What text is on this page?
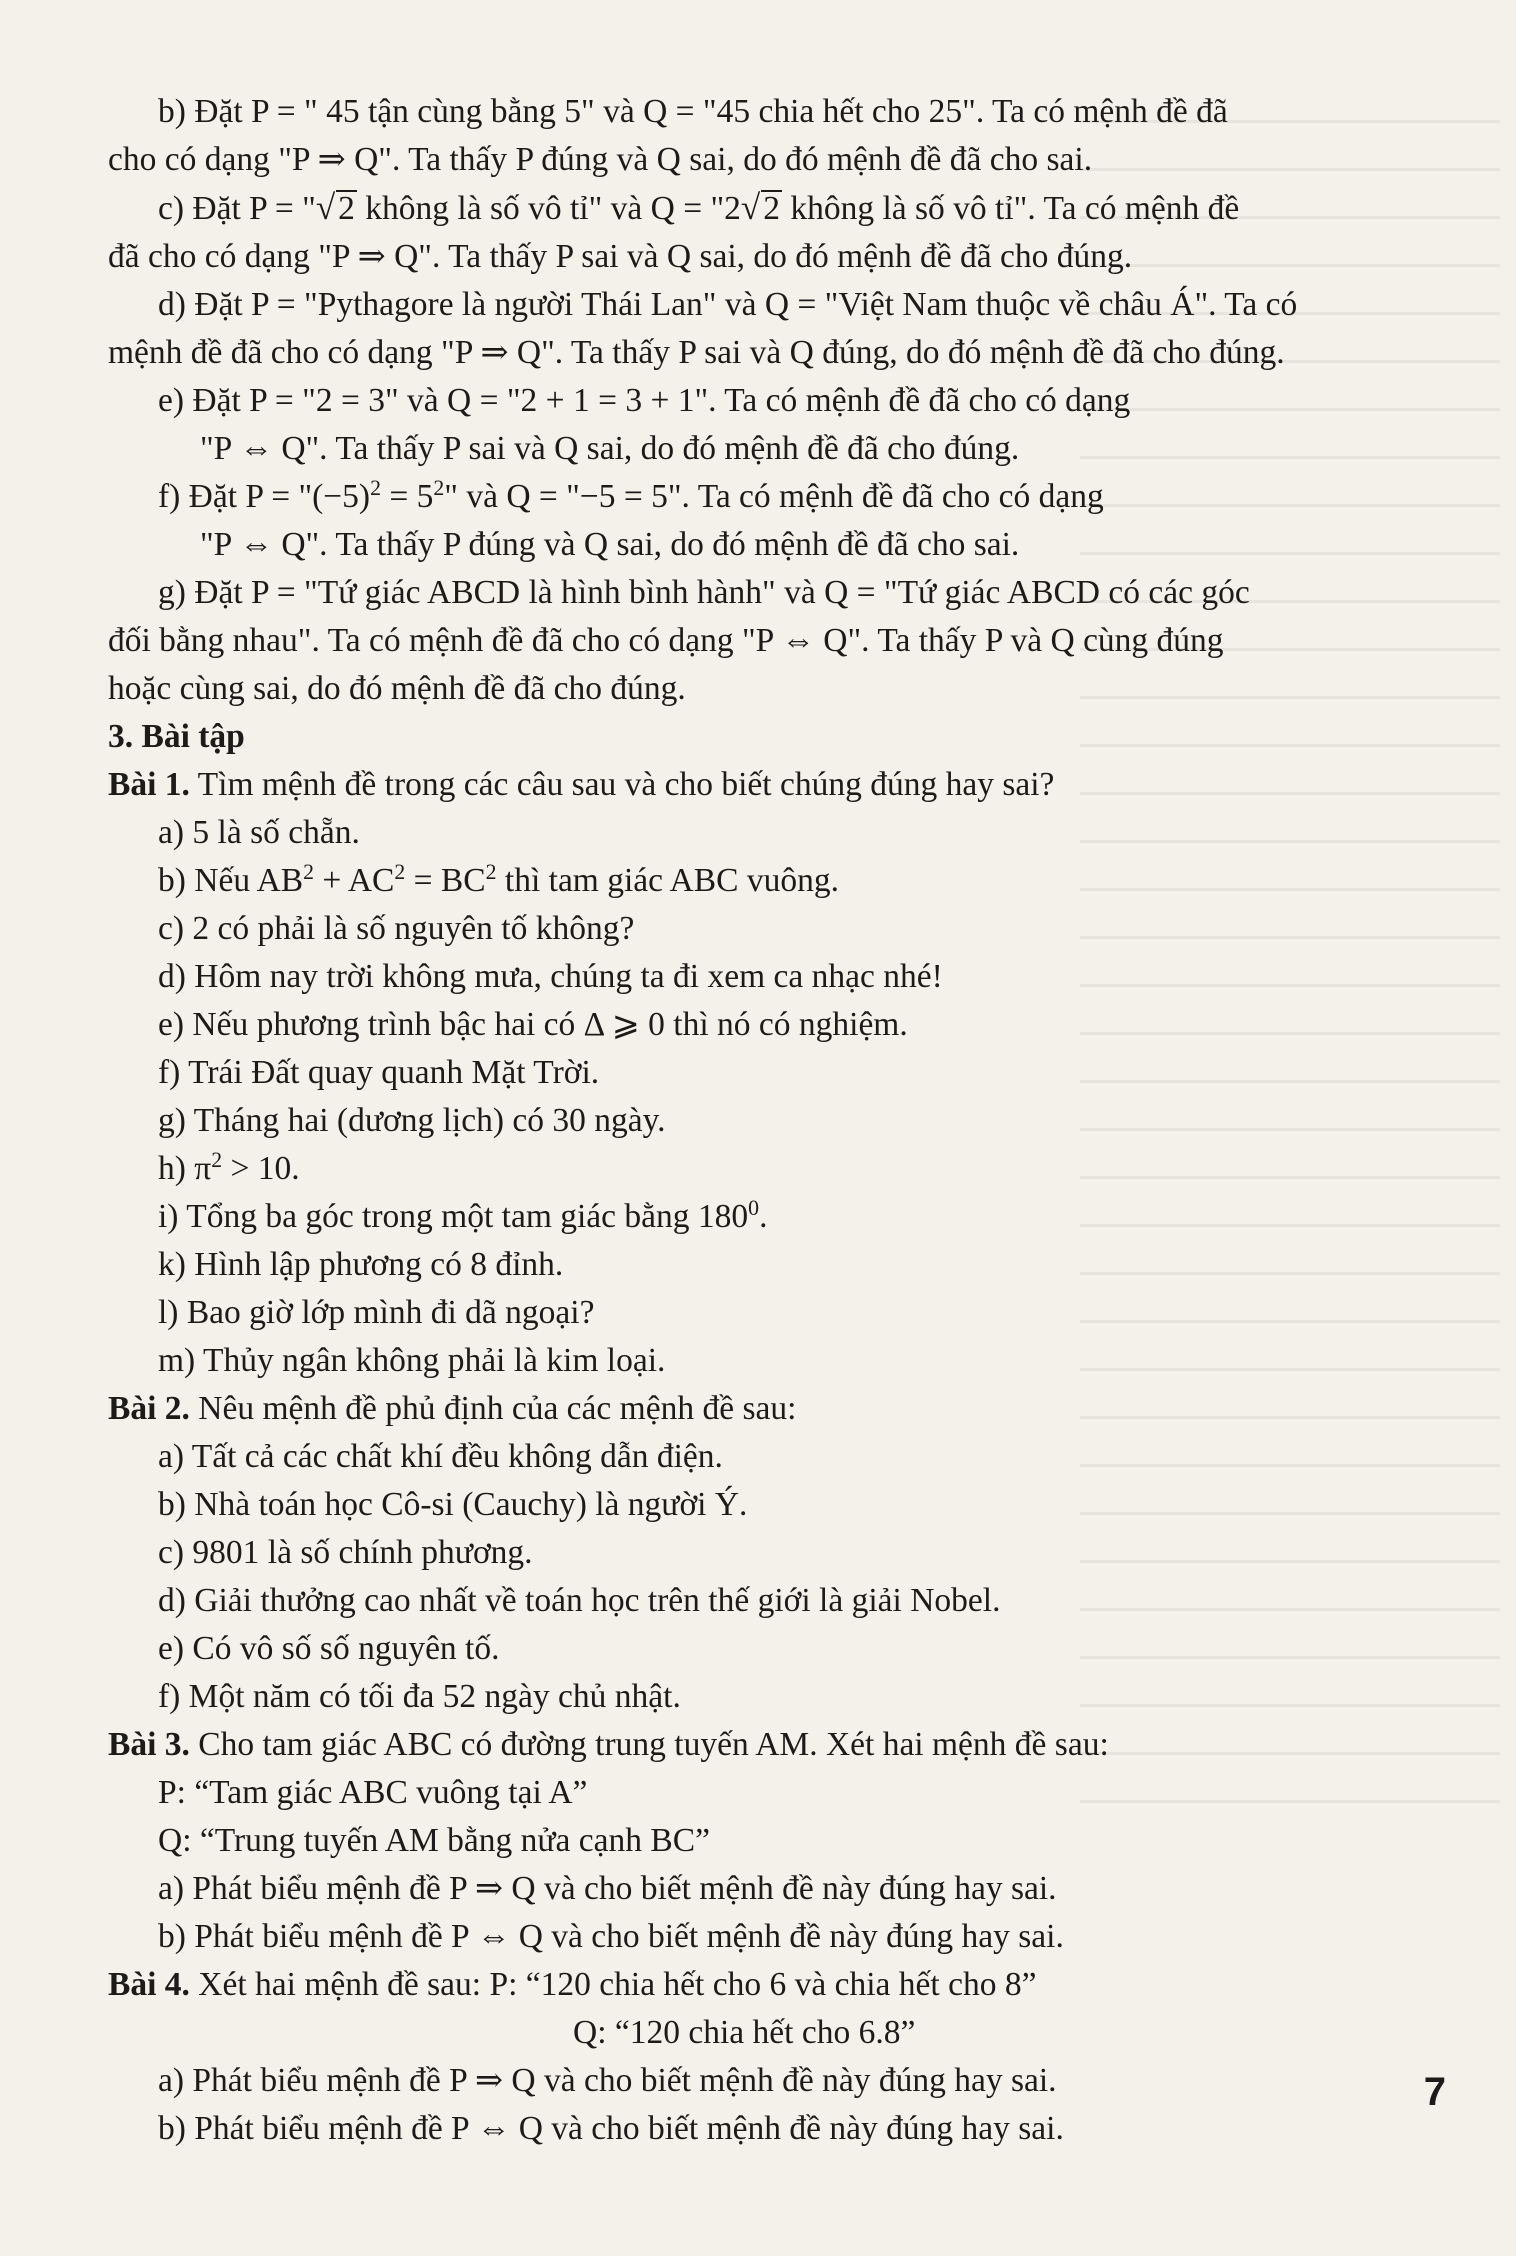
b) Đặt P = " 45 tận cùng bằng 5" và Q = "45 chia hết cho 25". Ta có mệnh đề đã
cho có dạng "P ⇒ Q". Ta thấy P đúng và Q sai, do đó mệnh đề đã cho sai.
c) Đặt P = "√2 không là số vô tỉ" và Q = "2√2 không là số vô tỉ". Ta có mệnh đề
đã cho có dạng "P ⇒ Q". Ta thấy P sai và Q sai, do đó mệnh đề đã cho đúng.
d) Đặt P = "Pythagore là người Thái Lan" và Q = "Việt Nam thuộc về châu Á". Ta có
mệnh đề đã cho có dạng "P ⇒ Q". Ta thấy P sai và Q đúng, do đó mệnh đề đã cho đúng.
e) Đặt P = "2 = 3" và Q = "2 + 1 = 3 + 1". Ta có mệnh đề đã cho có dạng
"P ⇔ Q". Ta thấy P sai và Q sai, do đó mệnh đề đã cho đúng.
f) Đặt $P = "(-5)^2 = 5^2$" và Q = "−5 = 5". Ta có mệnh đề đã cho có dạng
"P ⇔ Q". Ta thấy P đúng và Q sai, do đó mệnh đề đã cho sai.
g) Đặt P = "Tứ giác ABCD là hình bình hành" và Q = "Tứ giác ABCD có các góc
đối bằng nhau". Ta có mệnh đề đã cho có dạng "P ⇔ Q". Ta thấy P và Q cùng đúng
hoặc cùng sai, do đó mệnh đề đã cho đúng.
3. Bài tập
Bài 1. Tìm mệnh đề trong các câu sau và cho biết chúng đúng hay sai?
a) 5 là số chẵn.
b) Nếu $AB^2 + AC^2 = BC^2$ thì tam giác ABC vuông.
c) 2 có phải là số nguyên tố không?
d) Hôm nay trời không mưa, chúng ta đi xem ca nhạc nhé!
e) Nếu phương trình bậc hai có Δ ⩾ 0 thì nó có nghiệm.
f) Trái Đất quay quanh Mặt Trời.
g) Tháng hai (dương lịch) có 30 ngày.
h) $\pi^2 > 10$.
i) Tổng ba góc trong một tam giác bằng $180^0$.
k) Hình lập phương có 8 đỉnh.
l) Bao giờ lớp mình đi dã ngoại?
m) Thủy ngân không phải là kim loại.
Bài 2. Nêu mệnh đề phủ định của các mệnh đề sau:
a) Tất cả các chất khí đều không dẫn điện.
b) Nhà toán học Cô-si (Cauchy) là người Ý.
c) 9801 là số chính phương.
d) Giải thưởng cao nhất về toán học trên thế giới là giải Nobel.
e) Có vô số số nguyên tố.
f) Một năm có tối đa 52 ngày chủ nhật.
Bài 3. Cho tam giác ABC có đường trung tuyến AM. Xét hai mệnh đề sau:
P: “Tam giác ABC vuông tại A”
Q: “Trung tuyến AM bằng nửa cạnh BC”
a) Phát biểu mệnh đề P ⇒ Q và cho biết mệnh đề này đúng hay sai.
b) Phát biểu mệnh đề P ⇔ Q và cho biết mệnh đề này đúng hay sai.
Bài 4. Xét hai mệnh đề sau: P: “120 chia hết cho 6 và chia hết cho 8”
Q: “120 chia hết cho 6.8”
a) Phát biểu mệnh đề P ⇒ Q và cho biết mệnh đề này đúng hay sai.
b) Phát biểu mệnh đề P ⇔ Q và cho biết mệnh đề này đúng hay sai.
7
